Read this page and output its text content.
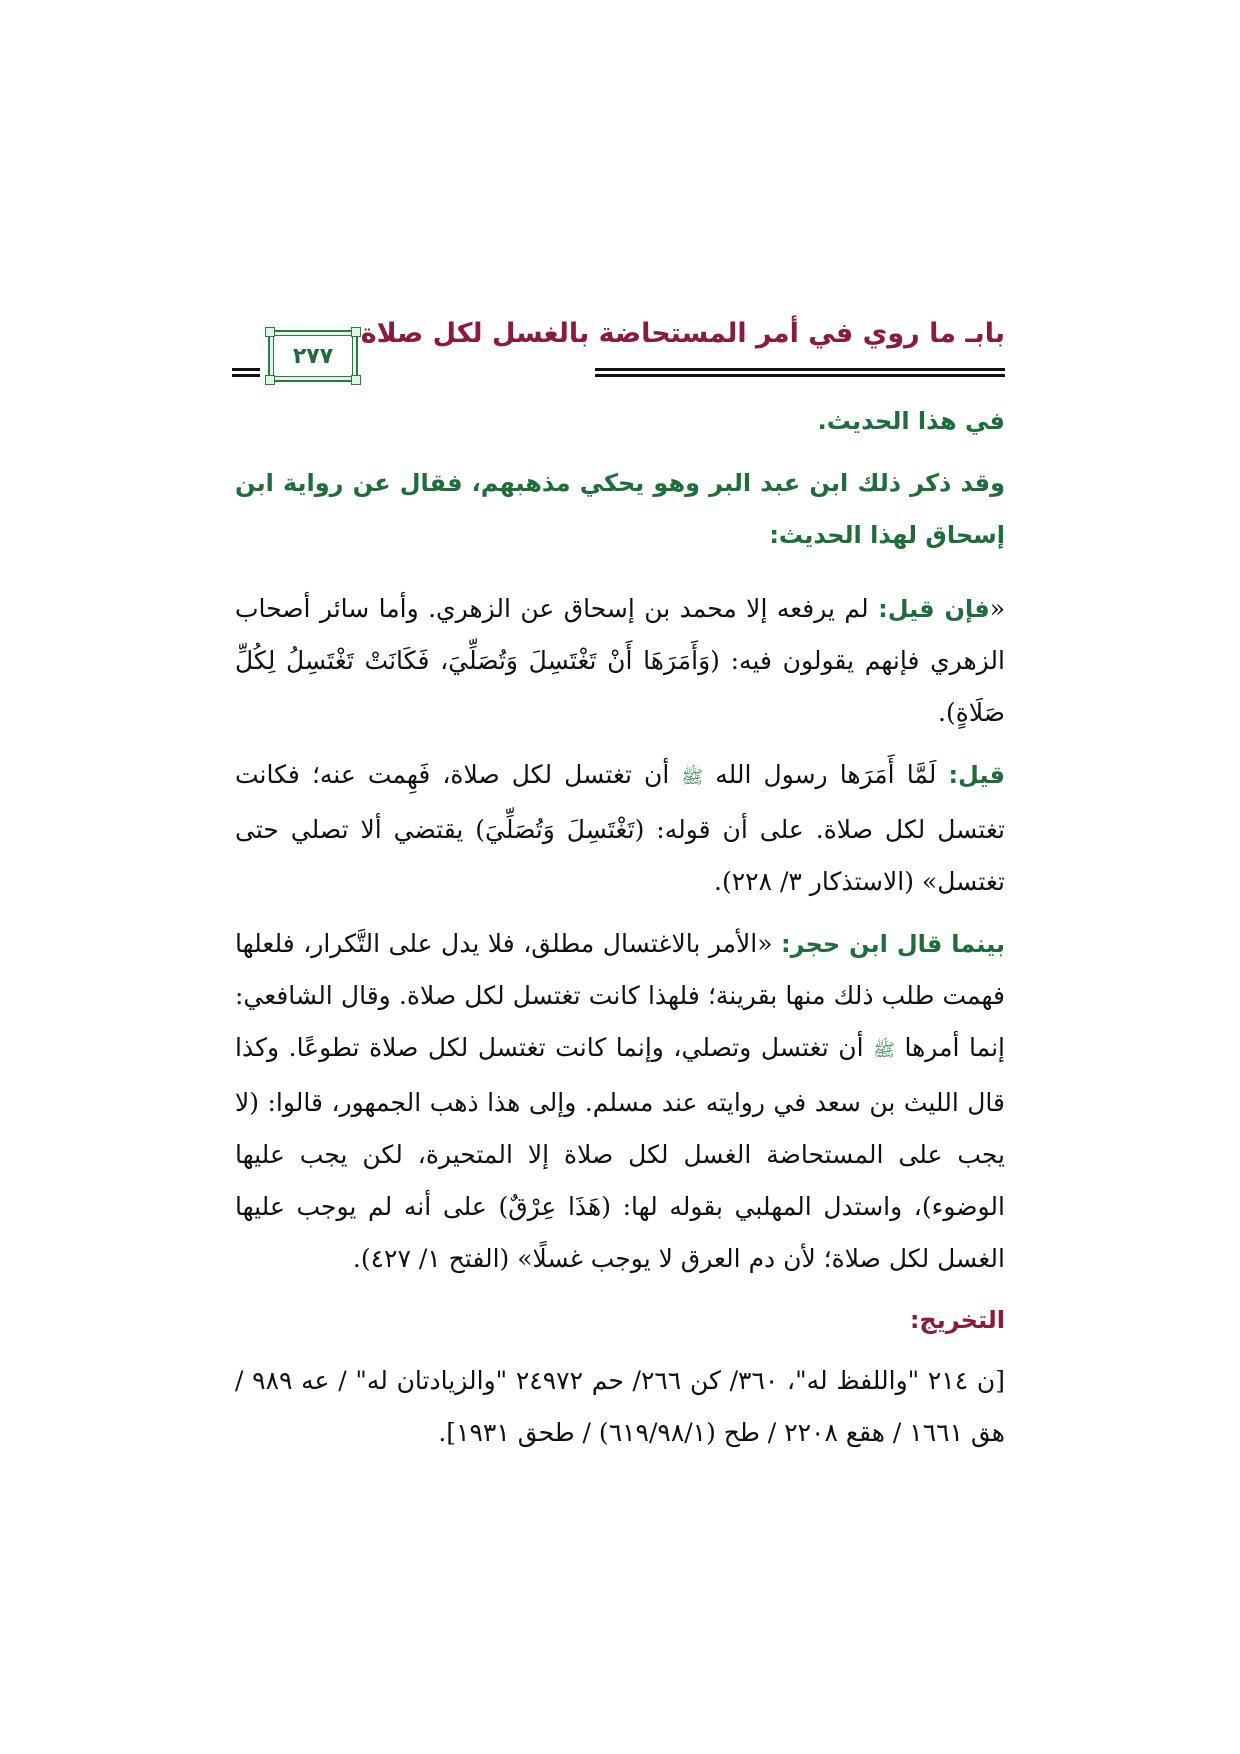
بابـ ما روي في أمر المستحاضة بالغسل لكل صلاة
٢٧٧

في هذا الحديث.

وقد ذكر ذلك ابن عبد البر وهو يحكي مذهبهم، فقال عن رواية ابن إسحاق لهذا الحديث:

«فإن قيل: لم يرفعه إلا محمد بن إسحاق عن الزهري. وأما سائر أصحاب الزهري فإنهم يقولون فيه: (وَأَمَرَهَا أَنْ تَغْتَسِلَ وَتُصَلِّيَ، فَكَانَتْ تَغْتَسِلُ لِكُلِّ صَلَاةٍ).

قيل: لَمَّا أَمَرَها رسول الله ﷺ أن تغتسل لكل صلاة، فَهِمت عنه؛ فكانت تغتسل لكل صلاة. على أن قوله: (تَغْتَسِلَ وَتُصَلِّيَ) يقتضي ألا تصلي حتى تغتسل» (الاستذكار ٣/ ٢٢٨).

بينما قال ابن حجر: «الأمر بالاغتسال مطلق، فلا يدل على التَّكرار، فلعلها فهمت طلب ذلك منها بقرينة؛ فلهذا كانت تغتسل لكل صلاة. وقال الشافعي: إنما أمرها ﷺ أن تغتسل وتصلي، وإنما كانت تغتسل لكل صلاة تطوعًا. وكذا قال الليث بن سعد في روايته عند مسلم. وإلى هذا ذهب الجمهور، قالوا: (لا يجب على المستحاضة الغسل لكل صلاة إلا المتحيرة، لكن يجب عليها الوضوء)، واستدل المهلبي بقوله لها: (هَذَا عِرْقٌ) على أنه لم يوجب عليها الغسل لكل صلاة؛ لأن دم العرق لا يوجب غسلًا» (الفتح ١/ ٤٢٧).

التخريج:

[ن ٢١٤ "واللفظ له"، ٣٦٠/ كن ٢٦٦/ حم ٢٤٩٧٢ "والزيادتان له" / عه ٩٨٩ / هق ١٦٦١ / هقع ٢٢٠٨ / طح (٦١٩/٩٨/١) / طحق ١٩٣١].
